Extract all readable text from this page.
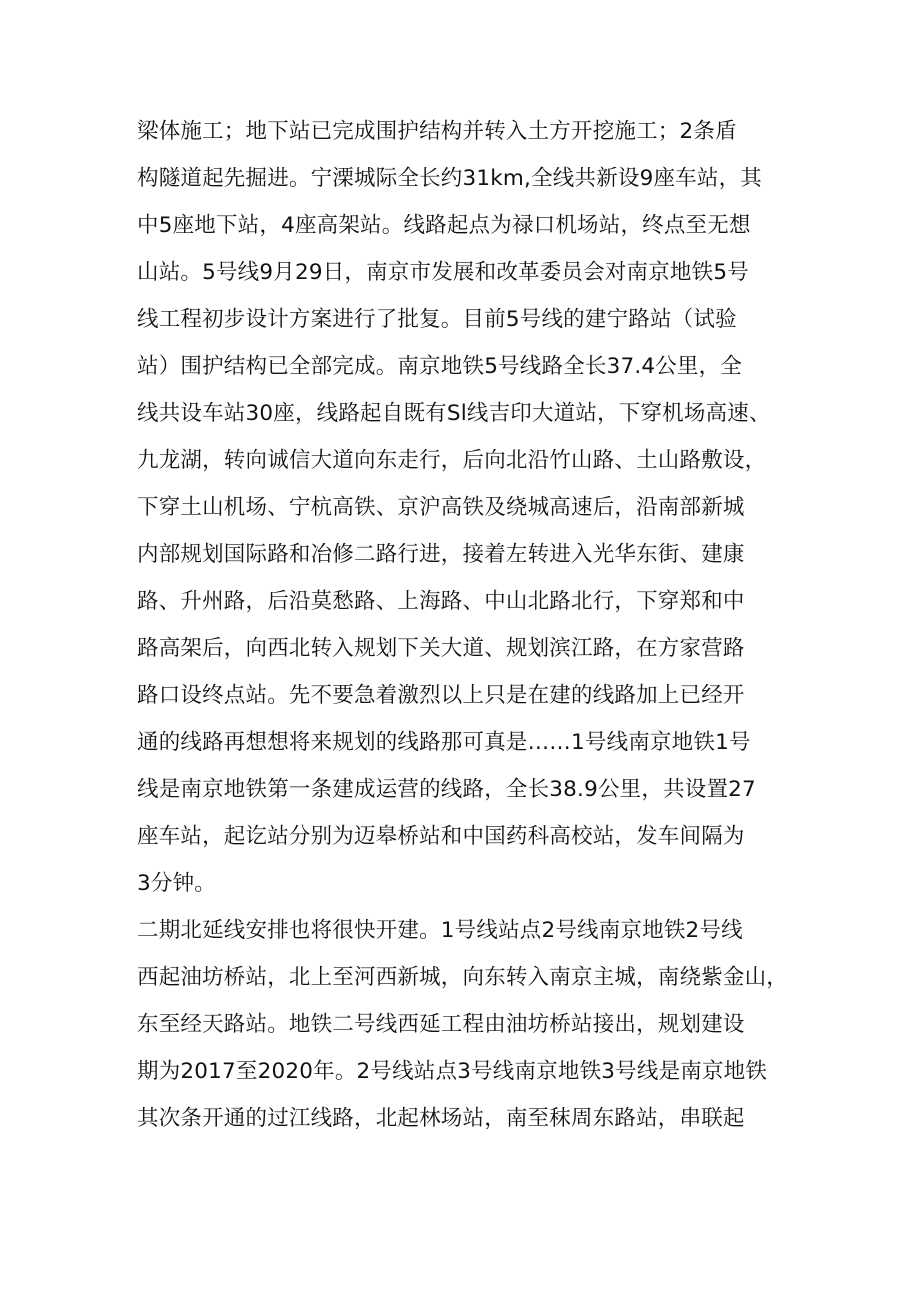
梁体施工；地下站已完成围护结构并转入土方开挖施工；2条盾
构隧道起先掘进。宁溧城际全长约31km,全线共新设9座车站，其
中5座地下站，4座高架站。线路起点为禄口机场站，终点至无想
山站。5号线9月29日，南京市发展和改革委员会对南京地铁5号
线工程初步设计方案进行了批复。目前5号线的建宁路站（试验
站）围护结构已全部完成。南京地铁5号线路全长37.4公里，全
线共设车站30座，线路起自既有Sl线吉印大道站，下穿机场高速、
九龙湖，转向诚信大道向东走行，后向北沿竹山路、土山路敷设，
下穿土山机场、宁杭高铁、京沪高铁及绕城高速后，沿南部新城
内部规划国际路和冶修二路行进，接着左转进入光华东街、建康
路、升州路，后沿莫愁路、上海路、中山北路北行，下穿郑和中
路高架后，向西北转入规划下关大道、规划滨江路，在方家营路
路口设终点站。先不要急着激烈以上只是在建的线路加上已经开
通的线路再想想将来规划的线路那可真是……1号线南京地铁1号
线是南京地铁第一条建成运营的线路，全长38.9公里，共设置27
座车站，起讫站分别为迈皋桥站和中国药科高校站，发车间隔为
3分钟。
二期北延线安排也将很快开建。1号线站点2号线南京地铁2号线
西起油坊桥站，北上至河西新城，向东转入南京主城，南绕紫金山，
东至经天路站。地铁二号线西延工程由油坊桥站接出，规划建设
期为2017至2020年。2号线站点3号线南京地铁3号线是南京地铁
其次条开通的过江线路，北起林场站，南至秣周东路站，串联起
